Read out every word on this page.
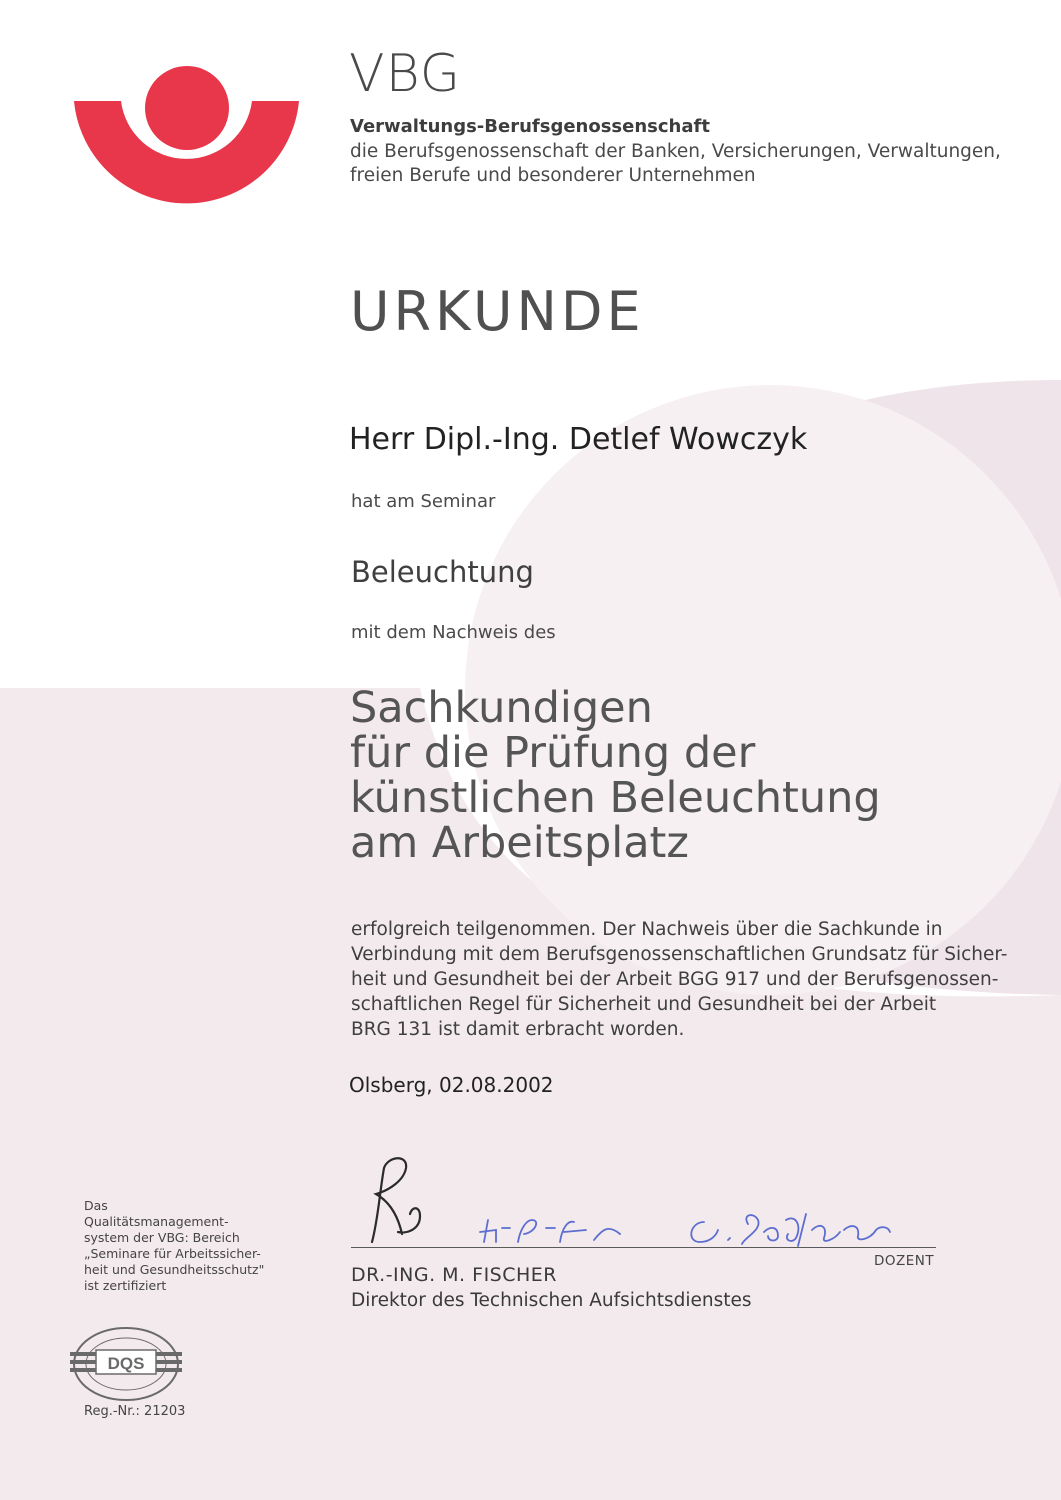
VBG
Verwaltungs-Berufsgenossenschaft
die Berufsgenossenschaft der Banken, Versicherungen, Verwaltungen,
freien Berufe und besonderer Unternehmen
URKUNDE
Herr Dipl.-Ing. Detlef Wowczyk
hat am Seminar
Beleuchtung
mit dem Nachweis des
Sachkundigen
für die Prüfung der
künstlichen Beleuchtung
am Arbeitsplatz
erfolgreich teilgenommen. Der Nachweis über die Sachkunde in
Verbindung mit dem Berufsgenossenschaftlichen Grundsatz für Sicher-
heit und Gesundheit bei der Arbeit BGG 917 und der Berufsgenossen-
schaftlichen Regel für Sicherheit und Gesundheit bei der Arbeit
BRG 131 ist damit erbracht worden.
Olsberg, 02.08.2002
DOZENT
DR.-ING. M. FISCHER
Direktor des Technischen Aufsichtsdienstes
Das
Qualitätsmanagement-
system der VBG: Bereich
„Seminare für Arbeitssicher-
heit und Gesundheitsschutz"
ist zertifiziert
DQS
Reg.-Nr.: 21203
